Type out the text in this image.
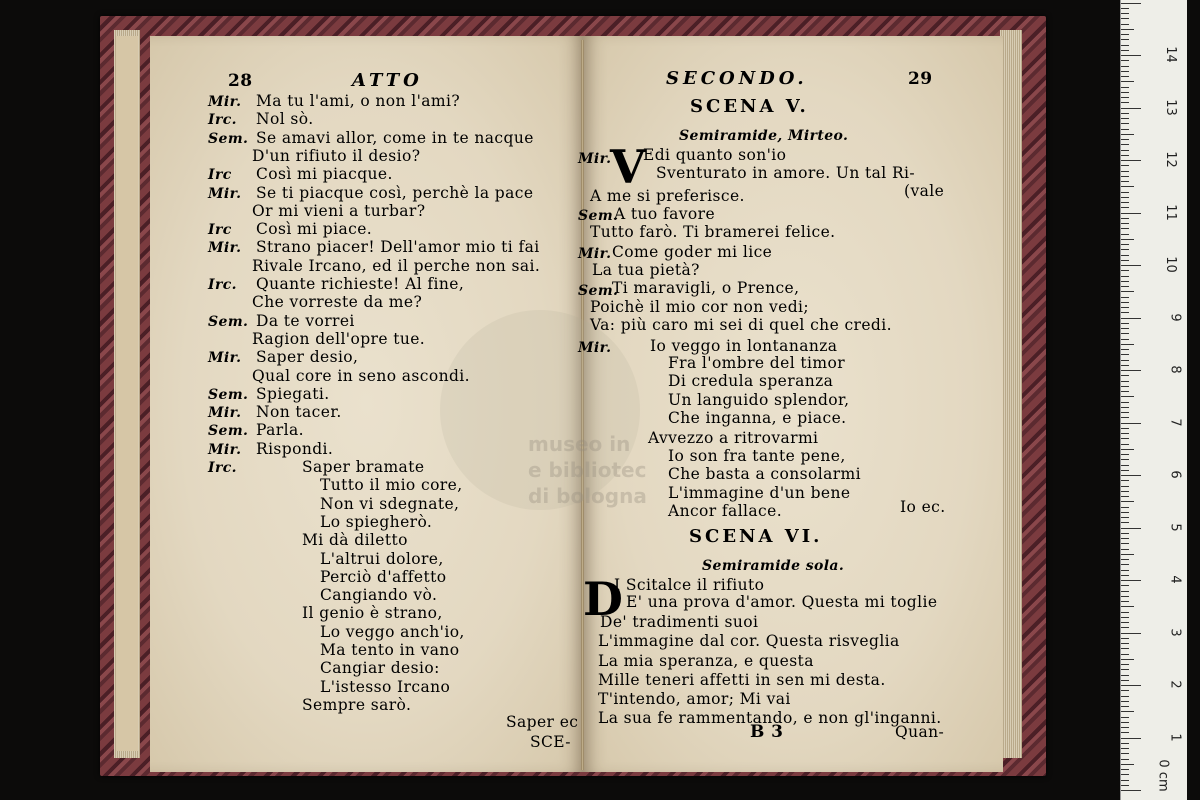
museo in
e bibliotec
di bologna
28	ATTO
Mir. Ma tu l'ami, o non l'ami?
Irc. Nol sò.
Sem. Se amavi allor, come in te nacque
D'un rifiuto il desio?
Irc Così mi piacque.
Mir. Se ti piacque così, perchè la pace
Or mi vieni a turbar?
Irc Così mi piace.
Mir. Strano piacer! Dell'amor mio ti fai
Rivale Ircano, ed il perche non sai.
Irc. Quante richieste! Al fine,
Che vorreste da me?
Sem. Da te vorrei
Ragion dell'opre tue.
Mir. Saper desio,
Qual core in seno ascondi.
Sem. Spiegati.
Mir. Non tacer.
Sem. Parla.
Mir. Rispondi.
Irc.	Saper bramate
Tutto il mio core,
Non vi sdegnate,
Lo spiegherò.
Mi dà diletto
L'altrui dolore,
Perciò d'affetto
Cangiando vò.
Il genio è strano,
Lo veggo anch'io,
Ma tento in vano
Cangiar desio:
L'istesso Ircano
Sempre sarò.
Saper ec
SCE-
SECONDO.	29
SCENA V.
Semiramide, Mirteo.
V
Mir. Edi quanto son'io
Sventurato in amore. Un tal Ri-
(vale
A me si preferisce.
Sem.
A tuo favore
Tutto farò. Ti bramerei felice.
Mir. Come goder mi lice
La tua pietà?
Sem.
Ti maravigli, o Prence,
Poichè il mio cor non vedi;
Va: più caro mi sei di quel che credi.
Mir. Io veggo in lontananza
Fra l'ombre del timor
Di credula speranza
Un languido splendor,
Che inganna, e piace.
Avvezzo a ritrovarmi
Io son fra tante pene,
Che basta a consolarmi
L'immagine d'un bene
Ancor fallace.	Io ec.
SCENA VI.
Semiramide sola.
D
I Scitalce il rifiuto
E' una prova d'amor. Questa mi toglie
De' tradimenti suoi
L'immagine dal cor. Questa risveglia
La mia speranza, e questa
Mille teneri affetti in sen mi desta.
T'intendo, amor; Mi vai
La sua fe rammentando, e non gl'inganni.
B 3	Quan-
0 cm
1
2
3
4
5
6
7
8
9
10
11
12
13
14
